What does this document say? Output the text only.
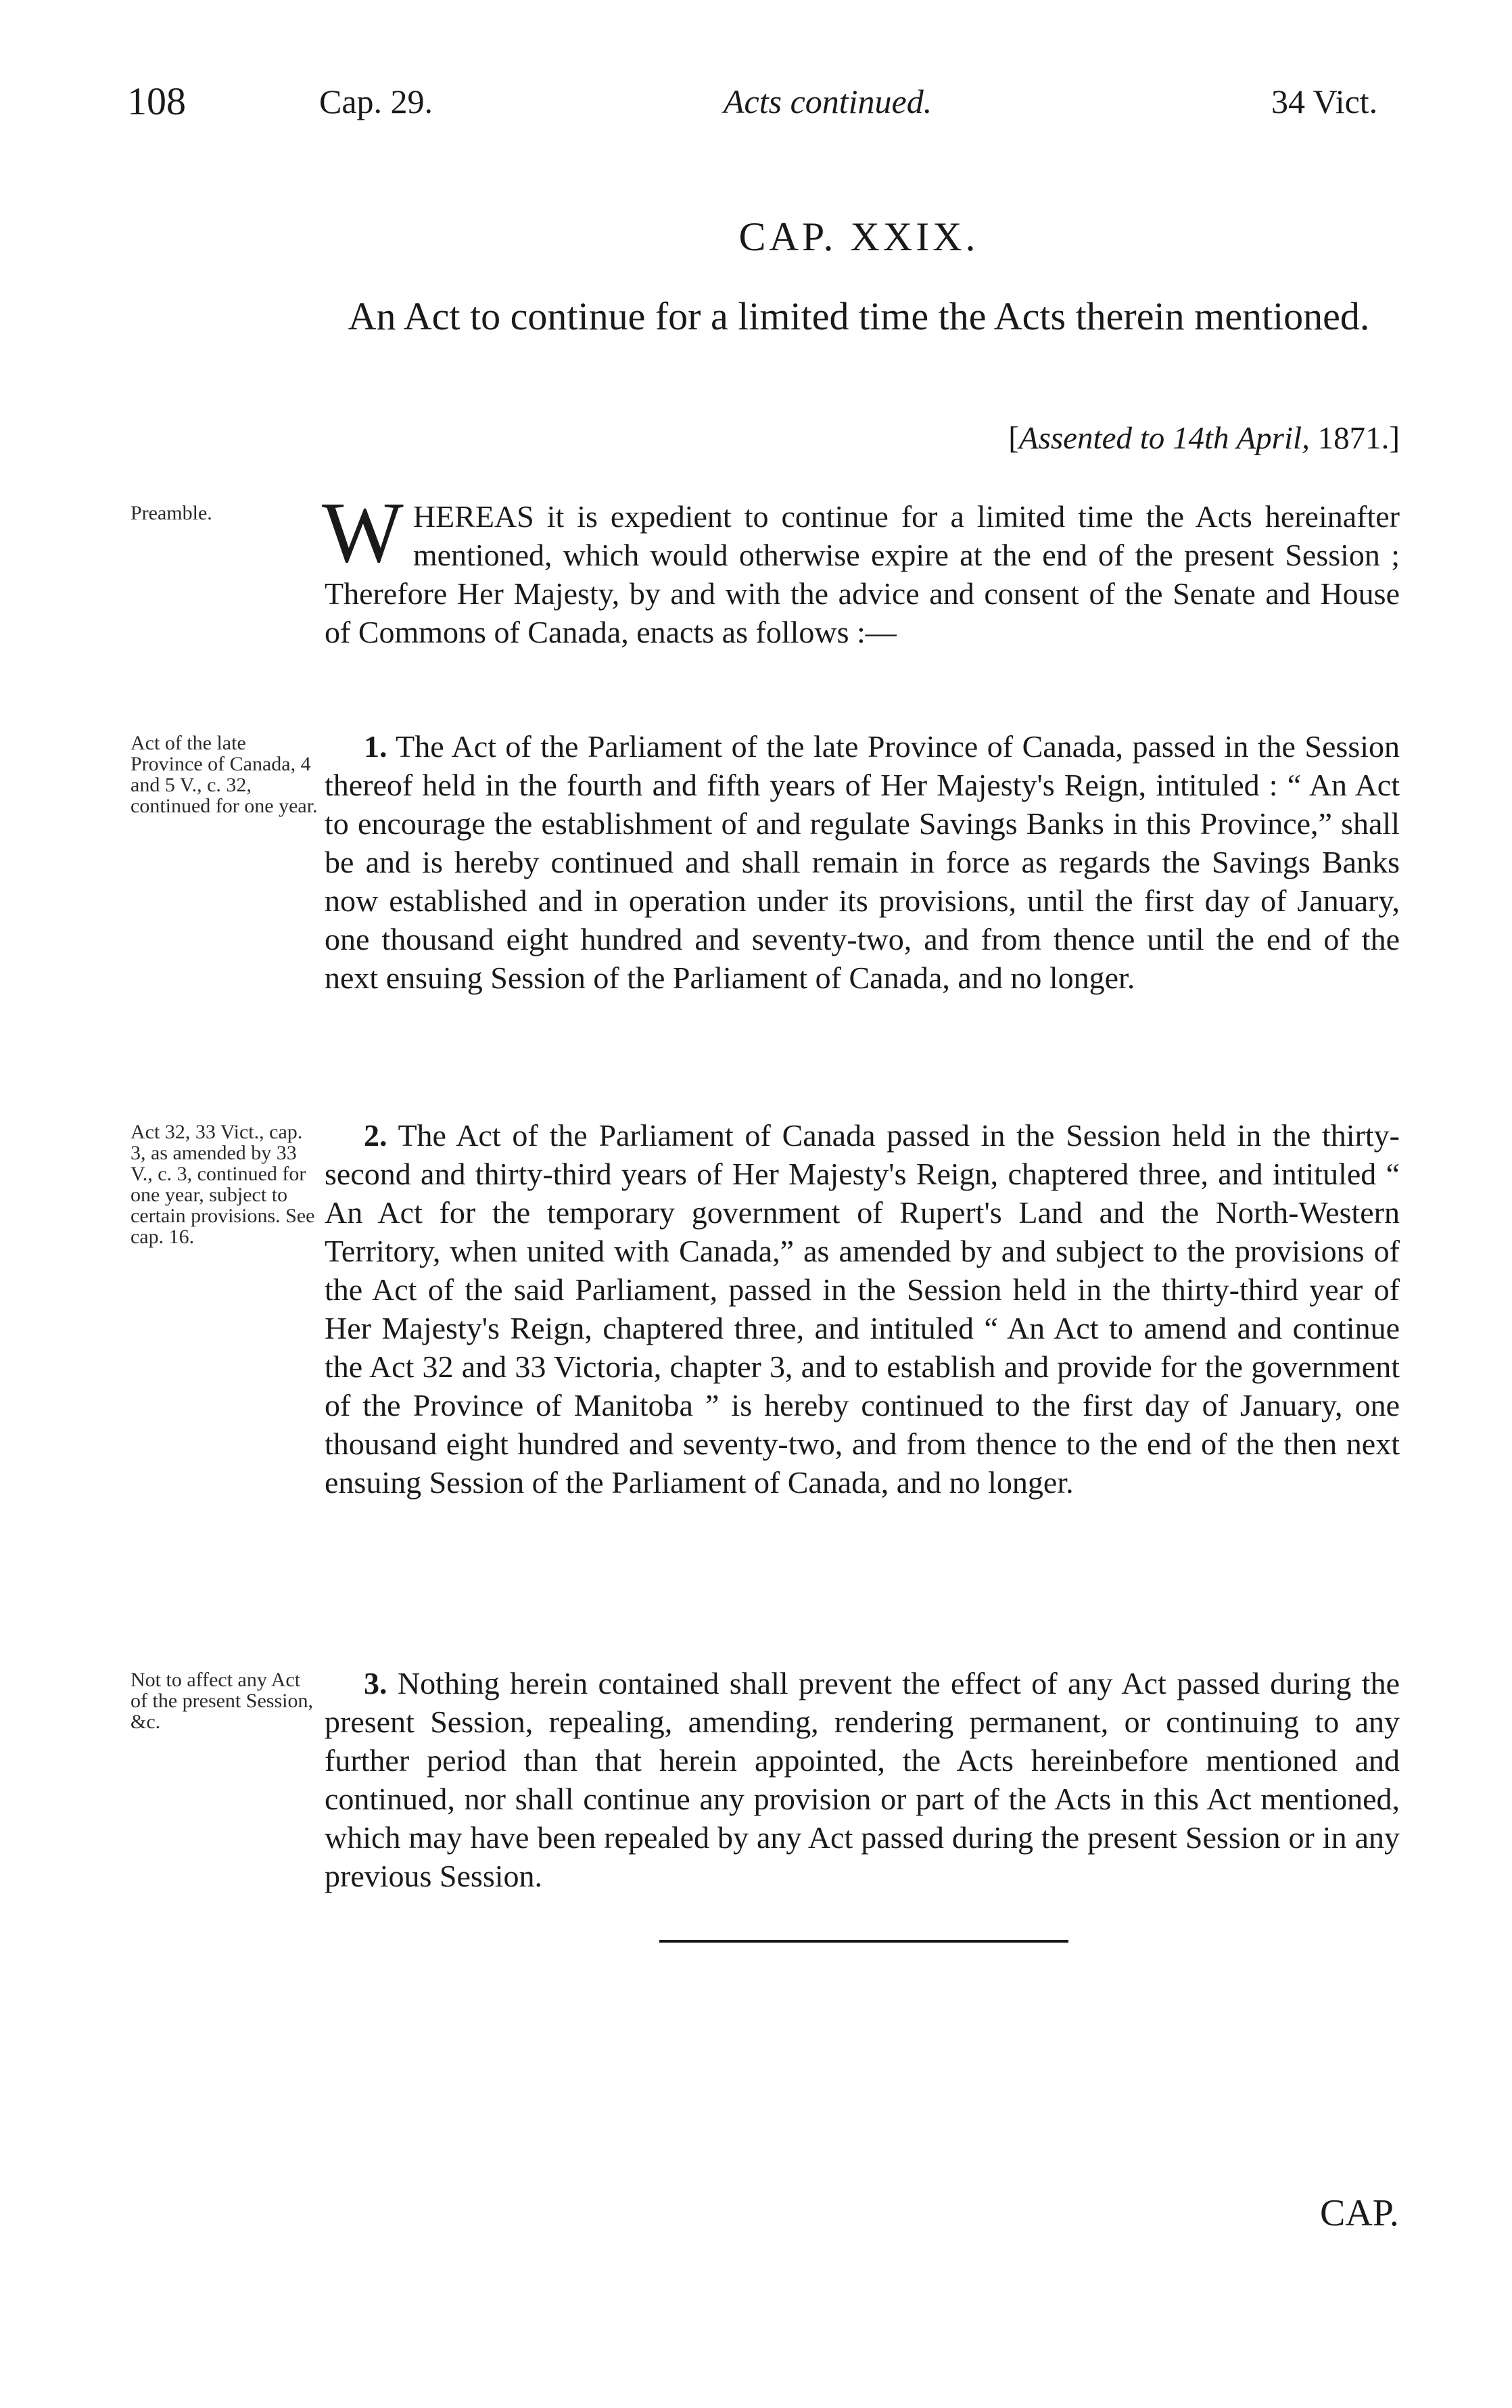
108	Cap. 29.	Acts continued.	34 Vict.
CAP. XXIX.
An Act to continue for a limited time the Acts therein mentioned.
[Assented to 14th April, 1871.]
Preamble.	WHEREAS it is expedient to continue for a limited time the Acts hereinafter mentioned, which would otherwise expire at the end of the present Session ; Therefore Her Majesty, by and with the advice and consent of the Senate and House of Commons of Canada, enacts as follows :—
Act of the late Province of Canada, 4 and 5 V., c. 32, continued for one year.
1. The Act of the Parliament of the late Province of Canada, passed in the Session thereof held in the fourth and fifth years of Her Majesty's Reign, intituled : “ An Act to encourage the establishment of and regulate Savings Banks in this Province,” shall be and is hereby continued and shall remain in force as regards the Savings Banks now established and in operation under its provisions, until the first day of January, one thousand eight hundred and seventy-two, and from thence until the end of the next ensuing Session of the Parliament of Canada, and no longer.
Act 32, 33 Vict., cap. 3, as amended by 33 V., c. 3, continued for one year, subject to certain provisions. See cap. 16.
2. The Act of the Parliament of Canada passed in the Session held in the thirty-second and thirty-third years of Her Majesty's Reign, chaptered three, and intituled “ An Act for the temporary government of Rupert's Land and the North-Western Territory, when united with Canada,” as amended by and subject to the provisions of the Act of the said Parliament, passed in the Session held in the thirty-third year of Her Majesty's Reign, chaptered three, and intituled “ An Act to amend and continue the Act 32 and 33 Victoria, chapter 3, and to establish and provide for the government of the Province of Manitoba ” is hereby continued to the first day of January, one thousand eight hundred and seventy-two, and from thence to the end of the then next ensuing Session of the Parliament of Canada, and no longer.
Not to affect any Act of the present Session, &c.
3. Nothing herein contained shall prevent the effect of any Act passed during the present Session, repealing, amending, rendering permanent, or continuing to any further period than that herein appointed, the Acts hereinbefore mentioned and continued, nor shall continue any provision or part of the Acts in this Act mentioned, which may have been repealed by any Act passed during the present Session or in any previous Session.
CAP.
